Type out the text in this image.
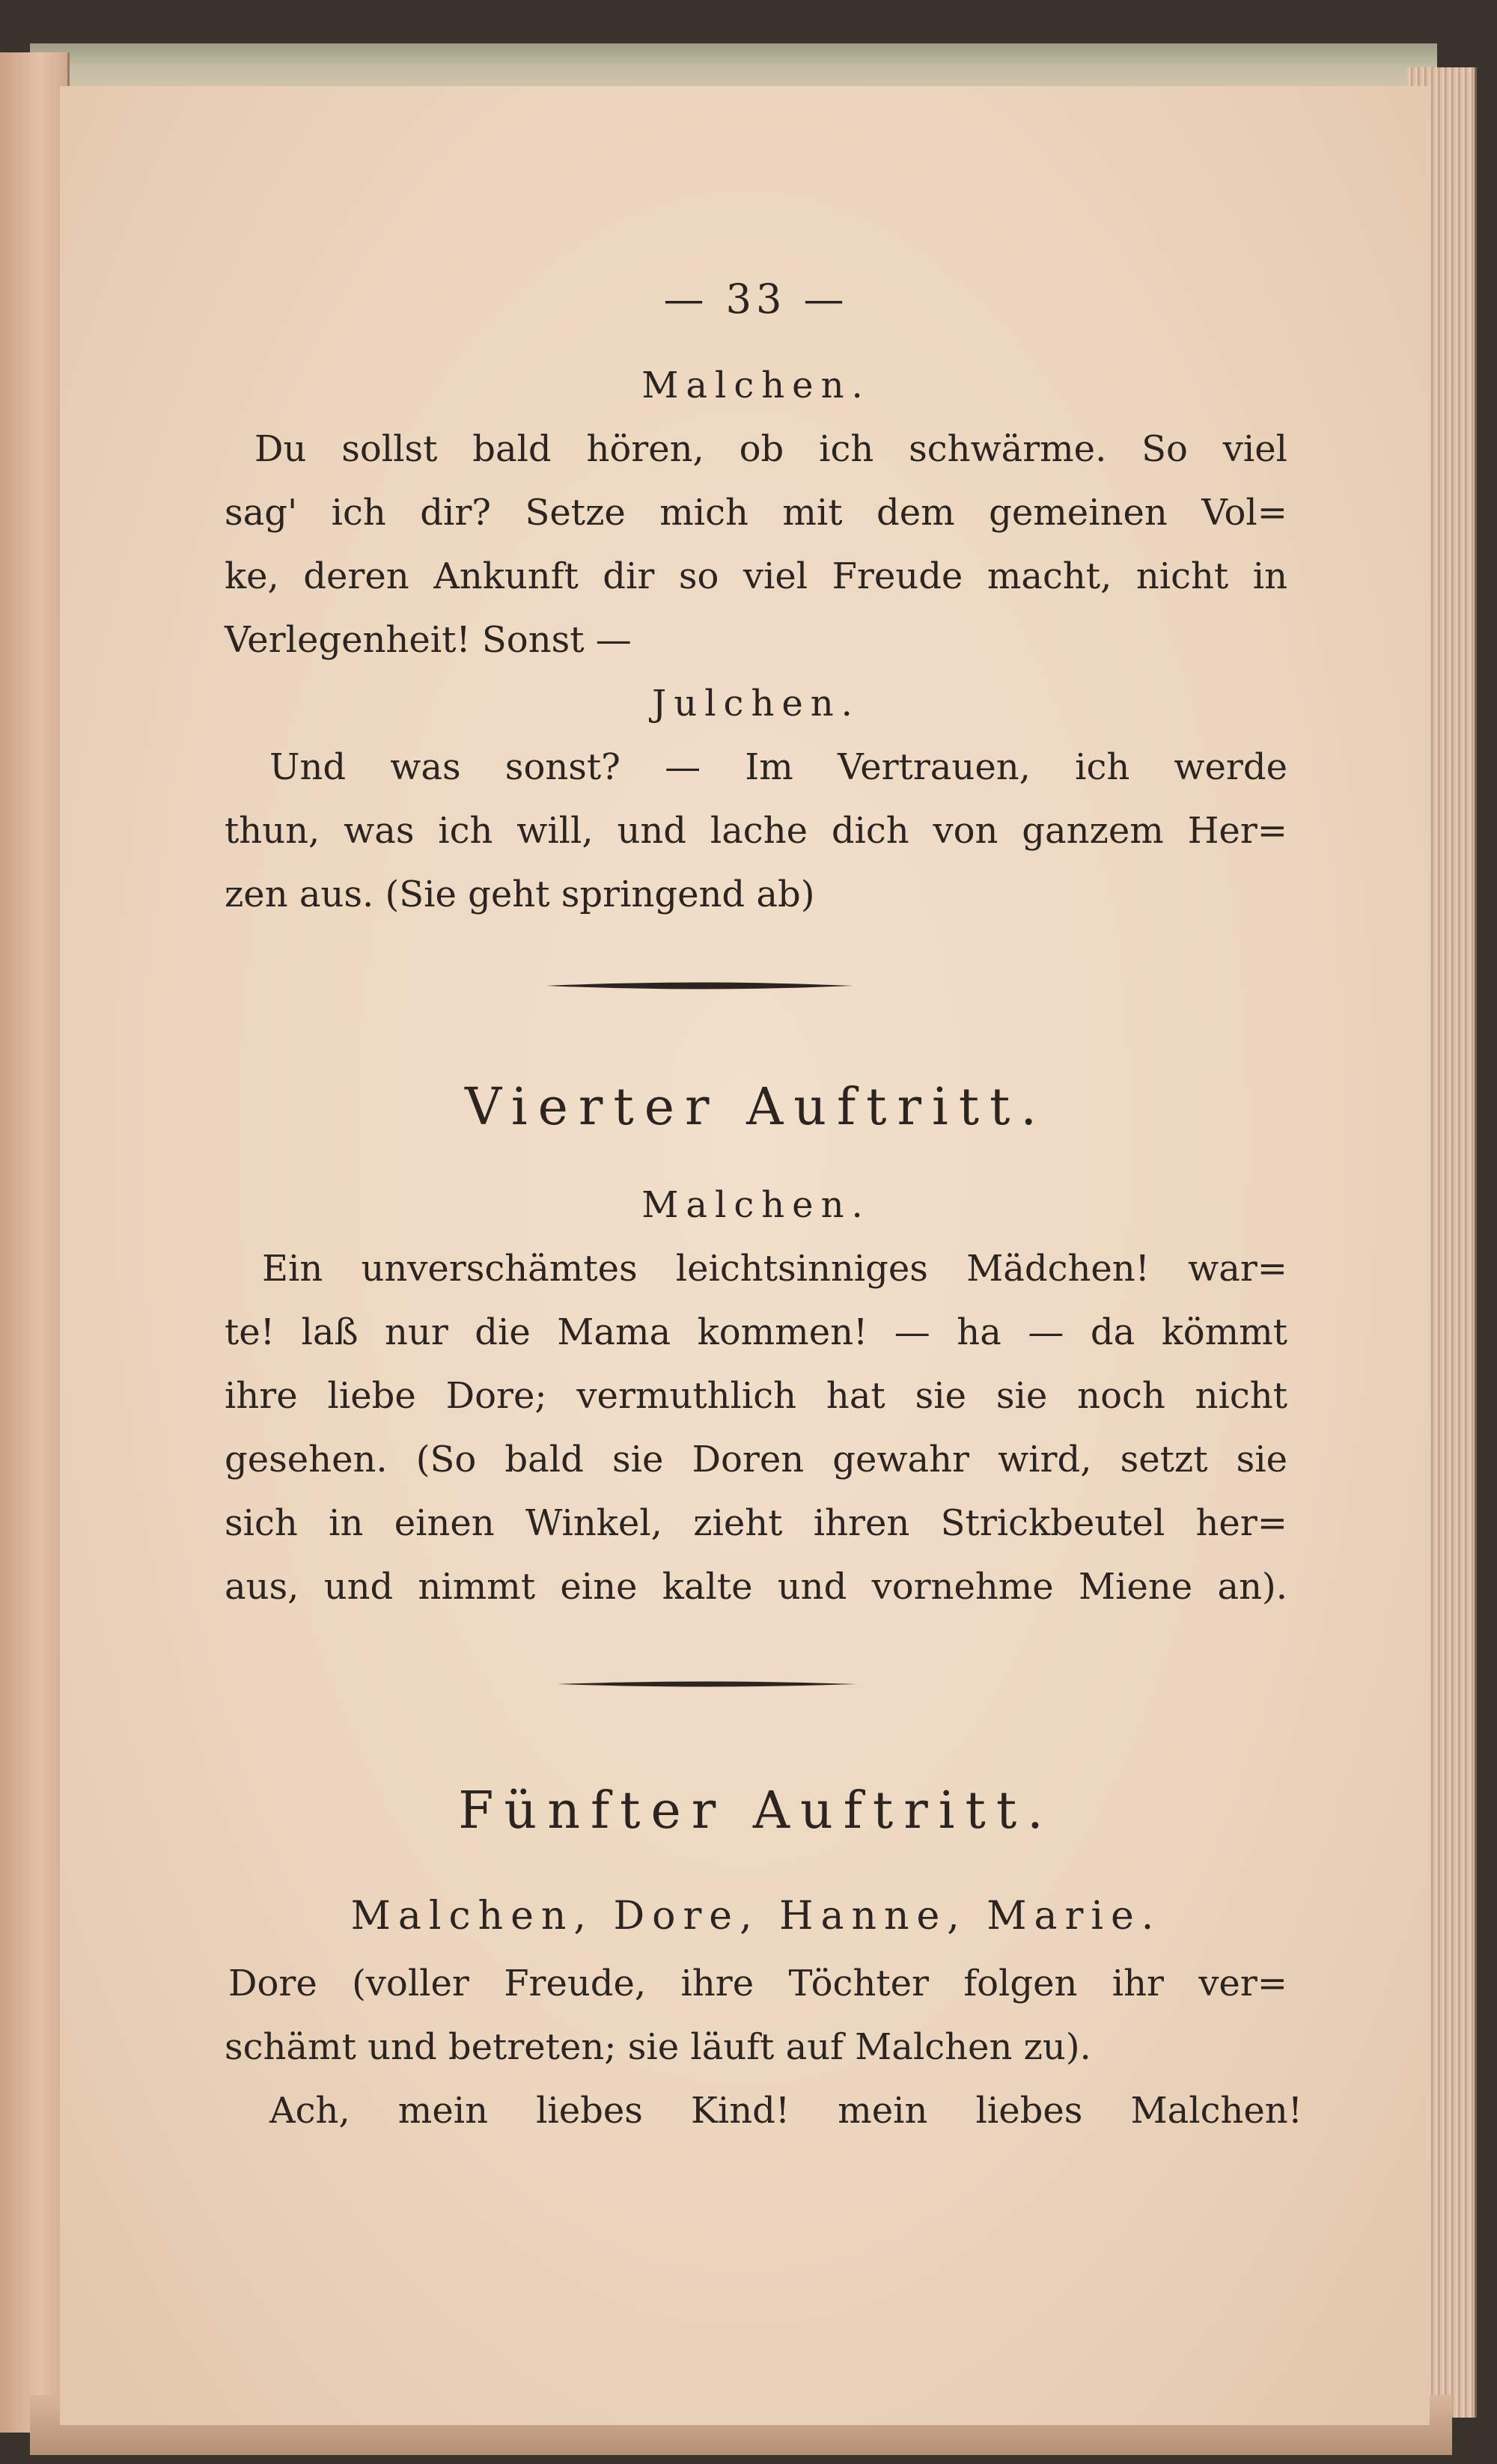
— 33 —

Malchen.

Du sollst bald hören, ob ich schwärme. So viel

sag' ich dir? Setze mich mit dem gemeinen Vol=

ke, deren Ankunft dir so viel Freude macht, nicht in

Verlegenheit! Sonst —

Julchen.

Und was sonst? — Im Vertrauen, ich werde

thun, was ich will, und lache dich von ganzem Her=

zen aus. (Sie geht springend ab)

Vierter Auftritt.

Malchen.

Ein unverschämtes leichtsinniges Mädchen! war=

te! laß nur die Mama kommen! — ha — da kömmt

ihre liebe Dore; vermuthlich hat sie sie noch nicht

gesehen. (So bald sie Doren gewahr wird, setzt sie

sich in einen Winkel, zieht ihren Strickbeutel her=

aus, und nimmt eine kalte und vornehme Miene an).

Fünfter Auftritt.

Malchen, Dore, Hanne, Marie.

Dore (voller Freude, ihre Töchter folgen ihr ver=

schämt und betreten; sie läuft auf Malchen zu).

Ach, mein liebes Kind! mein liebes Malchen!
